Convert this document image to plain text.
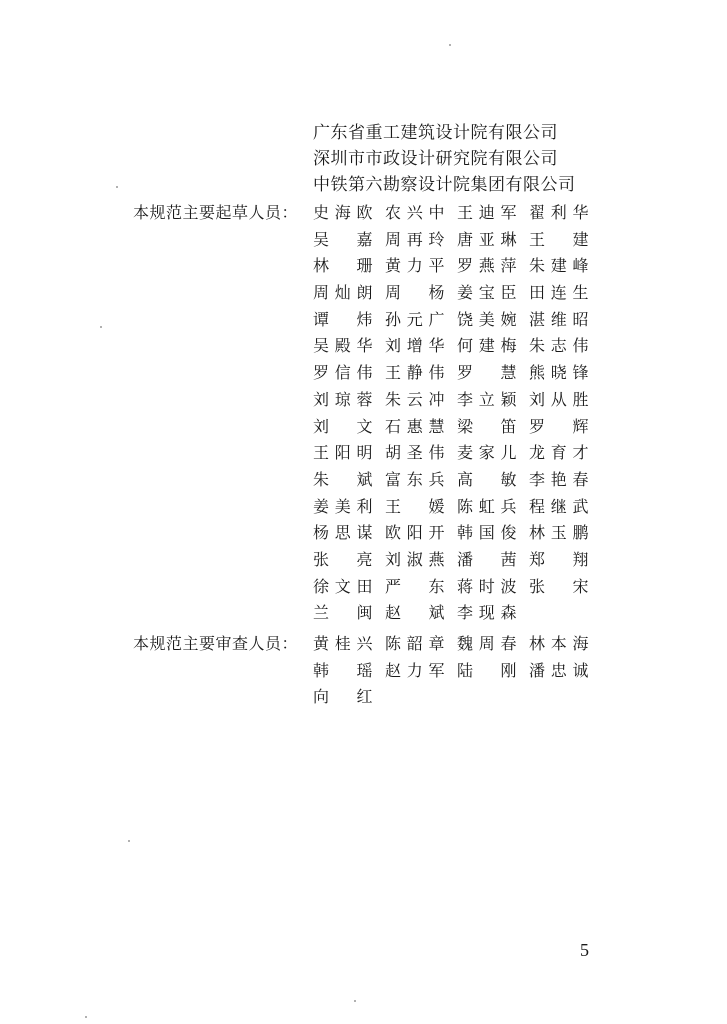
广东省重工建筑设计院有限公司
深圳市市政设计研究院有限公司
中铁第六勘察设计院集团有限公司
本规范主要起草人员： 史海欧 农兴中 王迪军 翟利华
吴　嘉 周再玲 唐亚琳 王　建
林　珊 黄力平 罗燕萍 朱建峰
周灿朗 周　杨 姜宝臣 田连生
谭　炜 孙元广 饶美婉 湛维昭
吴殿华 刘增华 何建梅 朱志伟
罗信伟 王静伟 罗　慧 熊晓锋
刘琼蓉 朱云冲 李立颖 刘从胜
刘　文 石惠慧 梁　笛 罗　辉
王阳明 胡圣伟 麦家儿 龙育才
朱　斌 富东兵 高　敏 李艳春
姜美利 王　媛 陈虹兵 程继武
杨思谋 欧阳开 韩国俊 林玉鹏
张　亮 刘淑燕 潘　茜 郑　翔
徐文田 严　东 蒋时波 张　宋
兰　闽 赵　斌 李现森
本规范主要审查人员： 黄桂兴 陈韶章 魏周春 林本海
韩　瑶 赵力军 陆　刚 潘忠诚
向　红
5
